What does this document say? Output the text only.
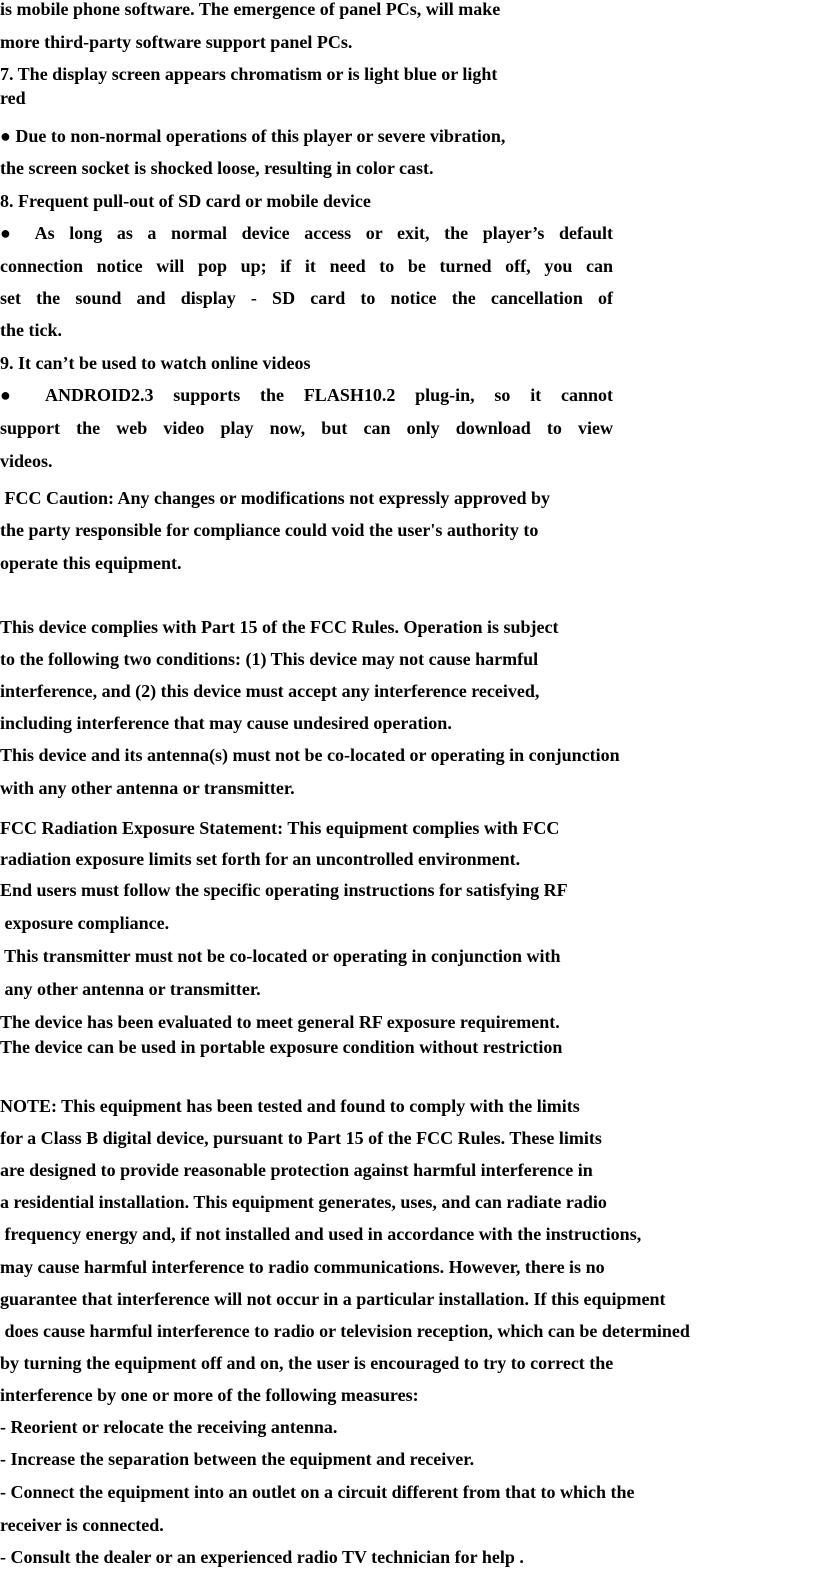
is mobile phone software. The emergence of panel PCs, will make

more third-party software support panel PCs.

7. The display screen appears chromatism or is light blue or light

red

● Due to non-normal operations of this player or severe vibration,

the screen socket is shocked loose, resulting in color cast.

8. Frequent pull-out of SD card or mobile device

● As long as a normal device access or exit, the player’s default

connection notice will pop up; if it need to be turned off, you can

set the sound and display - SD card to notice the cancellation of

the tick.

9. It can’t be used to watch online videos

● ANDROID2.3 supports the FLASH10.2 plug-in, so it cannot

support the web video play now, but can only download to view

videos.

FCC Caution: Any changes or modifications not expressly approved by

the party responsible for compliance could void the user's authority to

operate this equipment.

This device complies with Part 15 of the FCC Rules. Operation is subject

to the following two conditions: (1) This device may not cause harmful

interference, and (2) this device must accept any interference received,

including interference that may cause undesired operation.

This device and its antenna(s) must not be co-located or operating in conjunction

with any other antenna or transmitter.

FCC Radiation Exposure Statement: This equipment complies with FCC

radiation exposure limits set forth for an uncontrolled environment.

End users must follow the specific operating instructions for satisfying RF

exposure compliance.

This transmitter must not be co-located or operating in conjunction with

any other antenna or transmitter.

The device has been evaluated to meet general RF exposure requirement.

The device can be used in portable exposure condition without restriction

NOTE: This equipment has been tested and found to comply with the limits

for a Class B digital device, pursuant to Part 15 of the FCC Rules. These limits

are designed to provide reasonable protection against harmful interference in

a residential installation. This equipment generates, uses, and can radiate radio

frequency energy and, if not installed and used in accordance with the instructions,

may cause harmful interference to radio communications. However, there is no

guarantee that interference will not occur in a particular installation. If this equipment

does cause harmful interference to radio or television reception, which can be determined

by turning the equipment off and on, the user is encouraged to try to correct the

interference by one or more of the following measures:

- Reorient or relocate the receiving antenna.

- Increase the separation between the equipment and receiver.

- Connect the equipment into an outlet on a circuit different from that to which the

receiver is connected.

- Consult the dealer or an experienced radio TV technician for help .
